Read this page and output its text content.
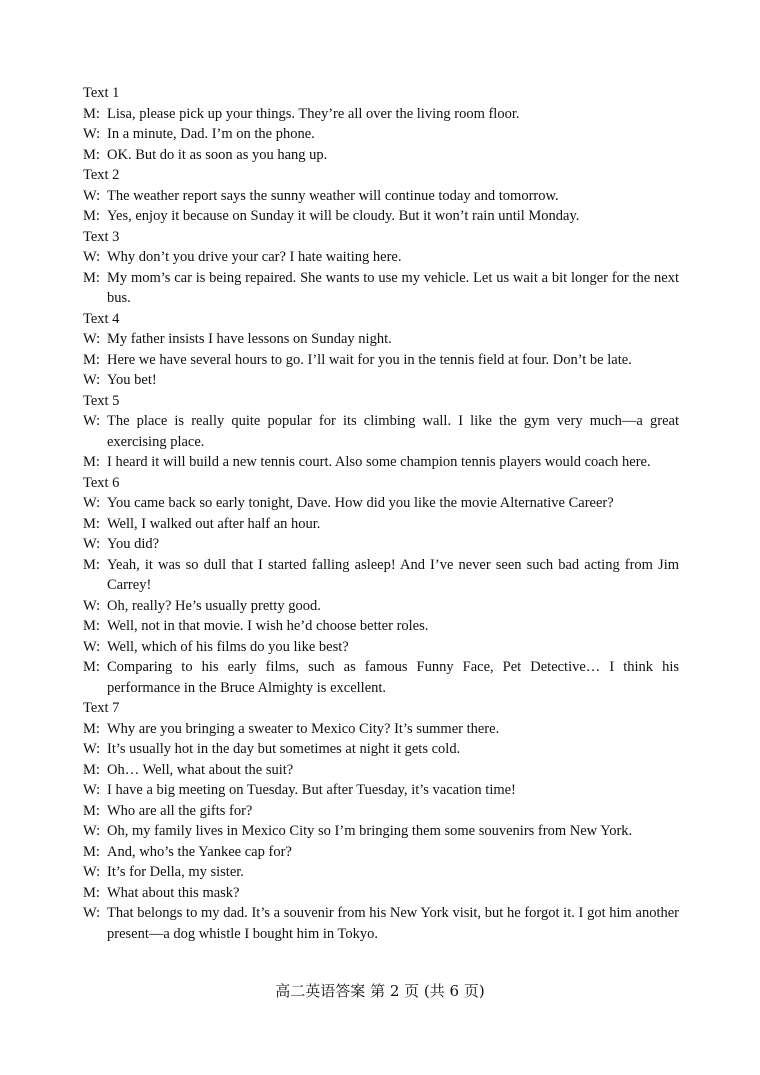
Text 1
M: Lisa, please pick up your things. They’re all over the living room floor.
W: In a minute, Dad. I’m on the phone.
M: OK. But do it as soon as you hang up.
Text 2
W: The weather report says the sunny weather will continue today and tomorrow.
M: Yes, enjoy it because on Sunday it will be cloudy. But it won’t rain until Monday.
Text 3
W: Why don’t you drive your car? I hate waiting here.
M: My mom’s car is being repaired. She wants to use my vehicle. Let us wait a bit longer for the next bus.
Text 4
W: My father insists I have lessons on Sunday night.
M: Here we have several hours to go. I’ll wait for you in the tennis field at four. Don’t be late.
W: You bet!
Text 5
W: The place is really quite popular for its climbing wall. I like the gym very much—a great exercising place.
M: I heard it will build a new tennis court. Also some champion tennis players would coach here.
Text 6
W: You came back so early tonight, Dave. How did you like the movie Alternative Career?
M: Well, I walked out after half an hour.
W: You did?
M: Yeah, it was so dull that I started falling asleep! And I’ve never seen such bad acting from Jim Carrey!
W: Oh, really? He’s usually pretty good.
M: Well, not in that movie. I wish he’d choose better roles.
W: Well, which of his films do you like best?
M: Comparing to his early films, such as famous Funny Face, Pet Detective… I think his performance in the Bruce Almighty is excellent.
Text 7
M: Why are you bringing a sweater to Mexico City? It’s summer there.
W: It’s usually hot in the day but sometimes at night it gets cold.
M: Oh… Well, what about the suit?
W: I have a big meeting on Tuesday. But after Tuesday, it’s vacation time!
M: Who are all the gifts for?
W: Oh, my family lives in Mexico City so I’m bringing them some souvenirs from New York.
M: And, who’s the Yankee cap for?
W: It’s for Della, my sister.
M: What about this mask?
W: That belongs to my dad. It’s a souvenir from his New York visit, but he forgot it. I got him another present—a dog whistle I bought him in Tokyo.
高二英语答案 第 2 页 (共 6 页)
